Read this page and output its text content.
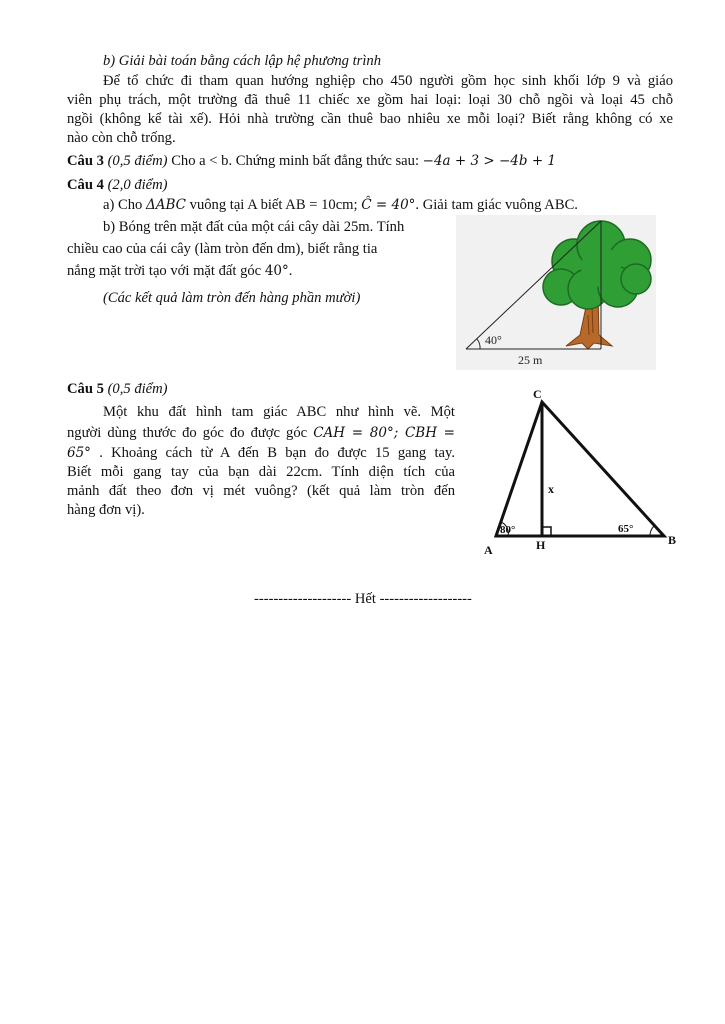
b) Giải bài toán bằng cách lập hệ phương trình
Để tổ chức đi tham quan hướng nghiệp cho 450 người gồm học sinh khối lớp 9 và giáo
viên phụ trách, một trường đã thuê 11 chiếc xe gồm hai loại: loại 30 chỗ ngồi và loại 45 chỗ
ngồi (không kể tài xế). Hỏi nhà trường cần thuê bao nhiêu xe mỗi loại? Biết rằng không có xe
nào còn chỗ trống.
Câu 3 (0,5 điểm) Cho a < b. Chứng minh bất đẳng thức sau: −4a + 3 > −4b + 1
Câu 4 (2,0 điểm)
a) Cho ΔABC vuông tại A biết AB = 10cm; Ĉ = 40°. Giải tam giác vuông ABC.
b) Bóng trên mặt đất của một cái cây dài 25m. Tính
chiều cao của cái cây (làm tròn đến dm), biết rằng tia
nắng mặt trời tạo với mặt đất góc 40°.
(Các kết quả làm tròn đến hàng phần mười)
40°
25 m
Câu 5 (0,5 điểm)
Một khu đất hình tam giác ABC như hình vẽ. Một
người dùng thước đo góc đo được góc CAH = 80°; CBH =
65° . Khoảng cách từ A đến B bạn đo được 15 gang tay.
Biết mỗi gang tay của bạn dài 22cm. Tính diện tích của
mảnh đất theo đơn vị mét vuông? (kết quả làm tròn đến
hàng đơn vị).
C
A	H	B
x
80°	65°
-------------------- Hết -------------------
